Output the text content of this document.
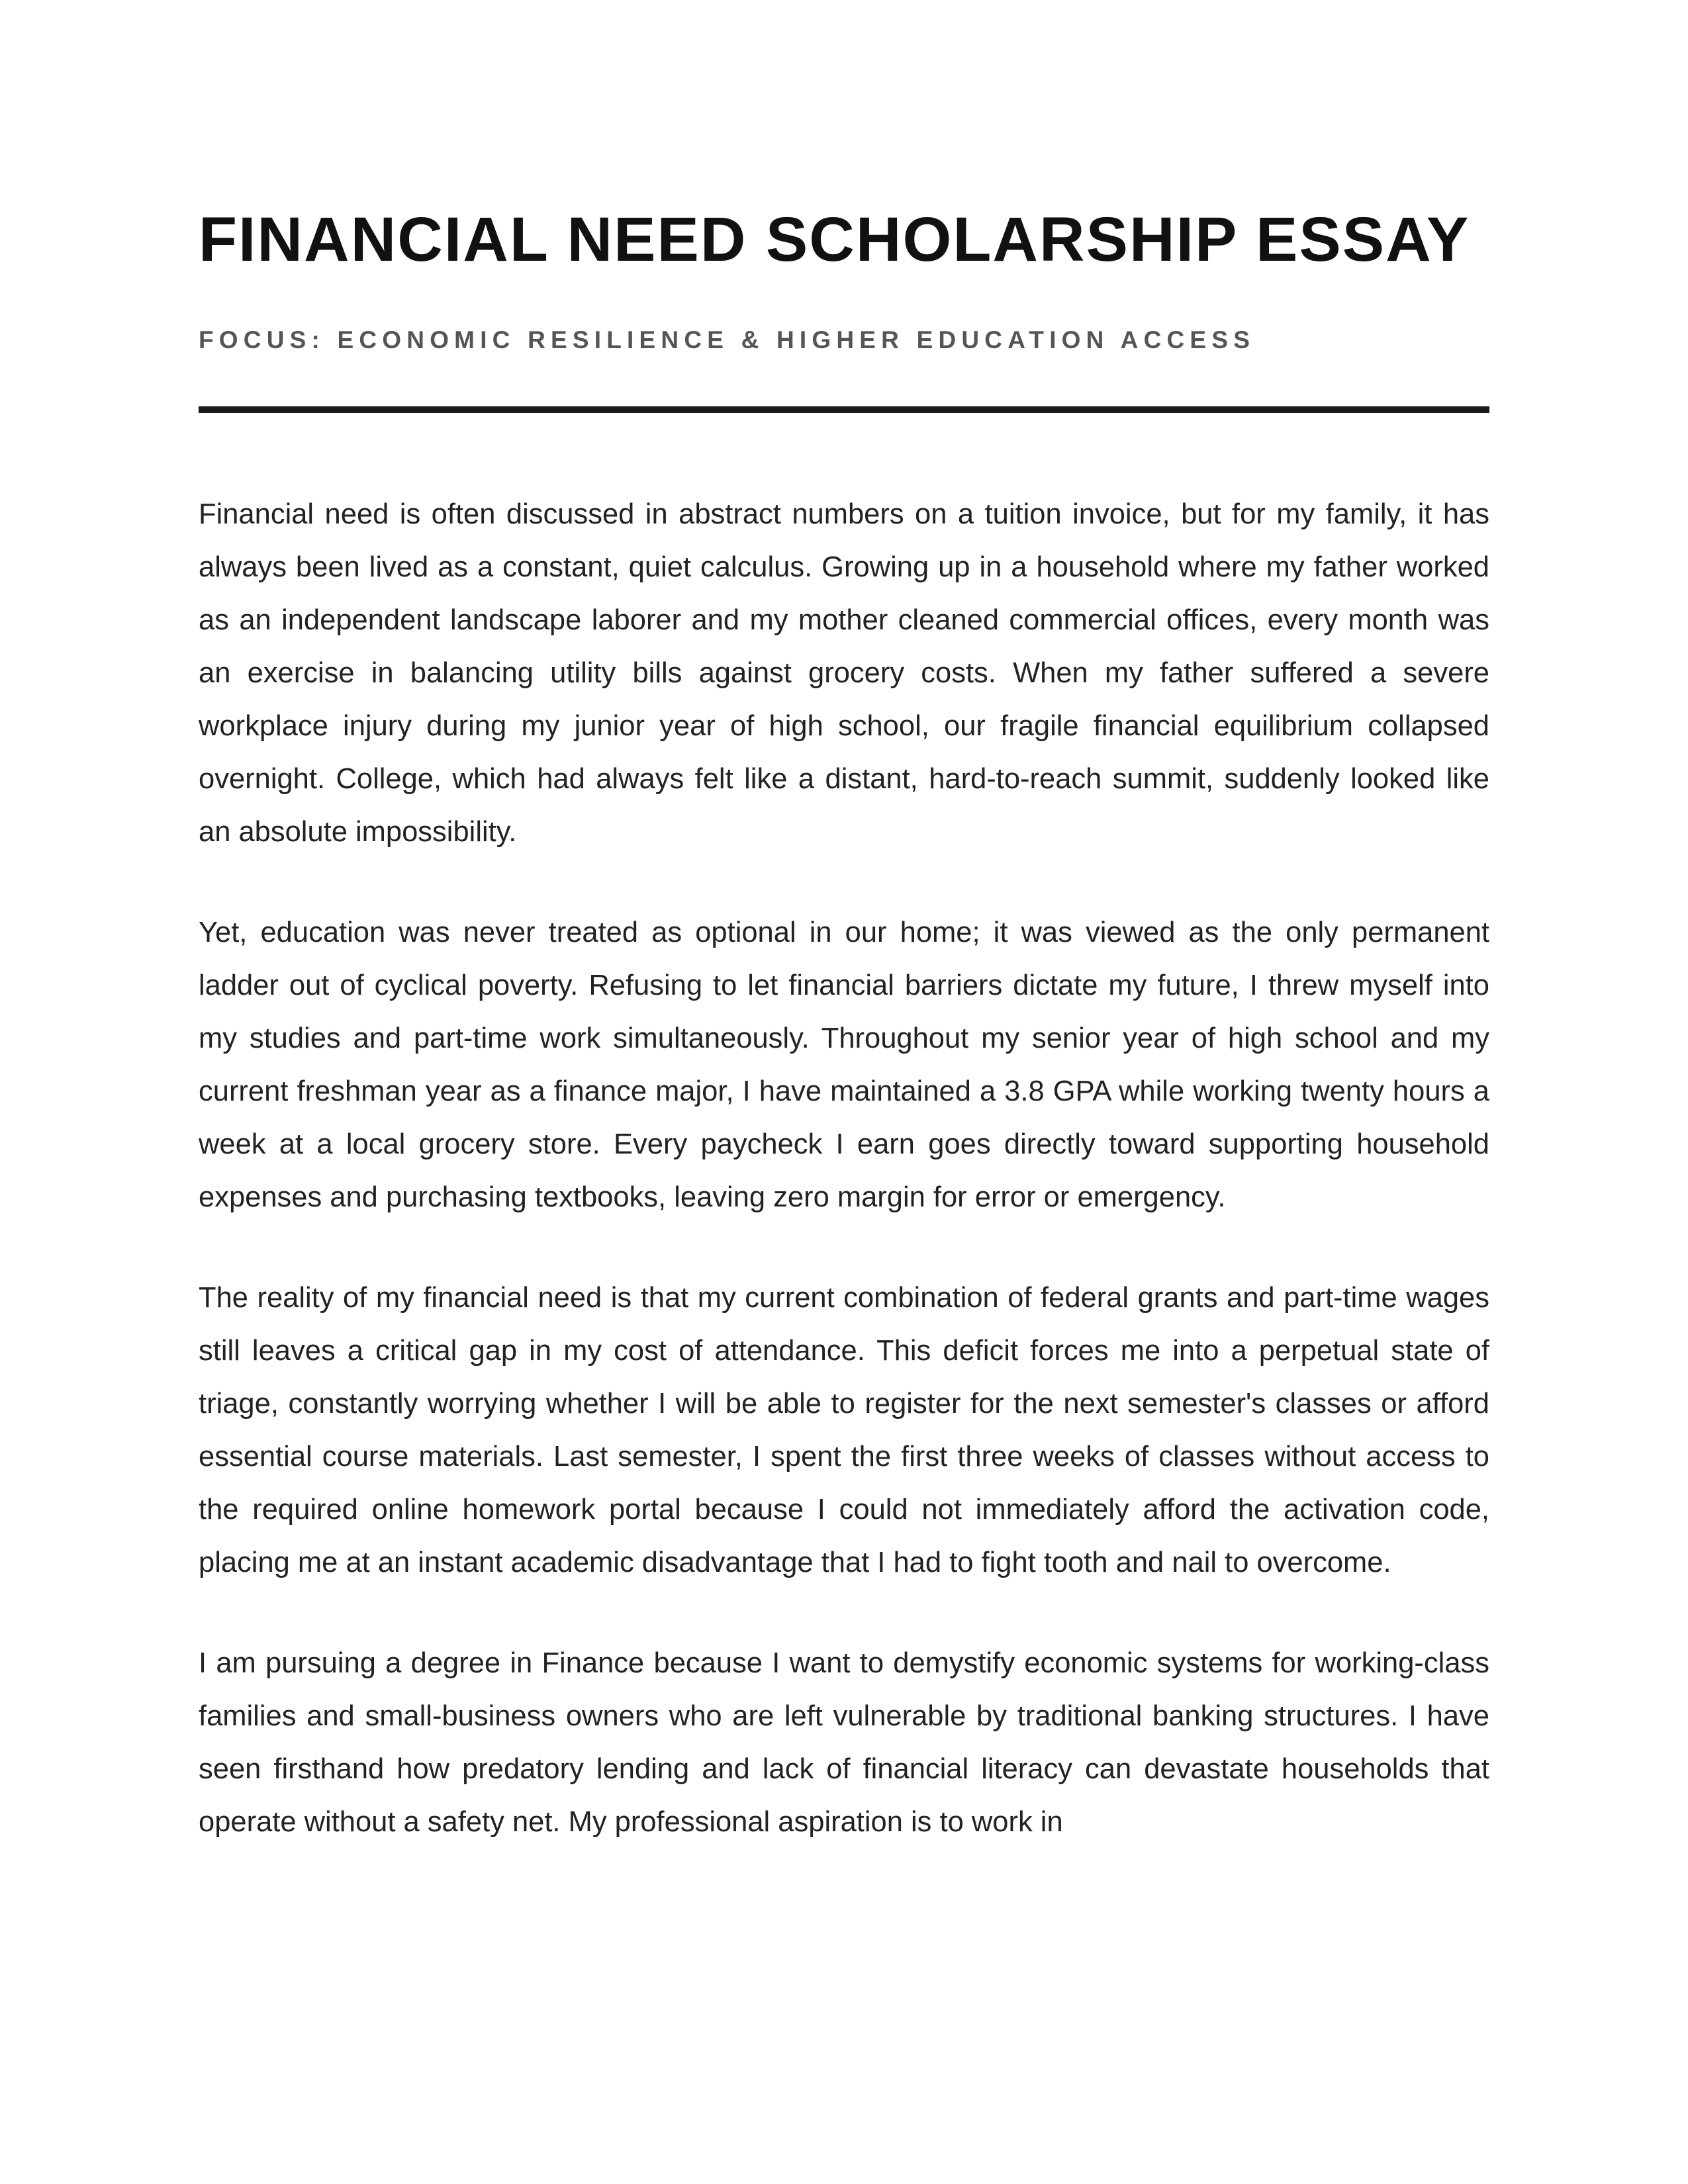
FINANCIAL NEED SCHOLARSHIP ESSAY
FOCUS: ECONOMIC RESILIENCE & HIGHER EDUCATION ACCESS

Financial need is often discussed in abstract numbers on a tuition invoice, but for my family, it has always been lived as a constant, quiet calculus. Growing up in a household where my father worked as an independent landscape laborer and my mother cleaned commercial offices, every month was an exercise in balancing utility bills against grocery costs. When my father suffered a severe workplace injury during my junior year of high school, our fragile financial equilibrium collapsed overnight. College, which had always felt like a distant, hard-to-reach summit, suddenly looked like an absolute impossibility.

Yet, education was never treated as optional in our home; it was viewed as the only permanent ladder out of cyclical poverty. Refusing to let financial barriers dictate my future, I threw myself into my studies and part-time work simultaneously. Throughout my senior year of high school and my current freshman year as a finance major, I have maintained a 3.8 GPA while working twenty hours a week at a local grocery store. Every paycheck I earn goes directly toward supporting household expenses and purchasing textbooks, leaving zero margin for error or emergency.

The reality of my financial need is that my current combination of federal grants and part-time wages still leaves a critical gap in my cost of attendance. This deficit forces me into a perpetual state of triage, constantly worrying whether I will be able to register for the next semester's classes or afford essential course materials. Last semester, I spent the first three weeks of classes without access to the required online homework portal because I could not immediately afford the activation code, placing me at an instant academic disadvantage that I had to fight tooth and nail to overcome.

I am pursuing a degree in Finance because I want to demystify economic systems for working-class families and small-business owners who are left vulnerable by traditional banking structures. I have seen firsthand how predatory lending and lack of financial literacy can devastate households that operate without a safety net. My professional aspiration is to work in
